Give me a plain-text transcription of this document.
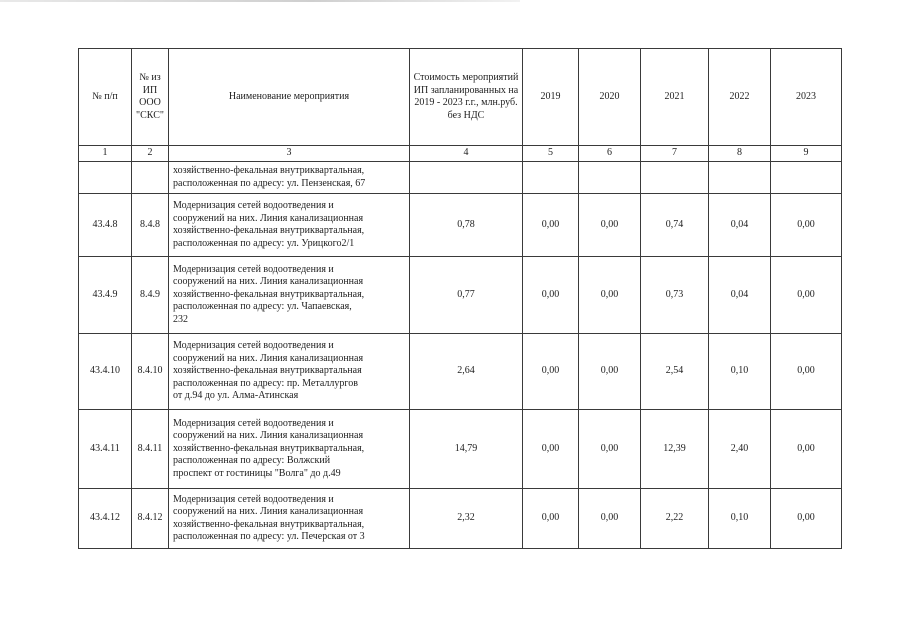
№ п/п	№ из ИП ООО "СКС"	Наименование мероприятия	Стоимость мероприятий ИП запланированных на 2019 - 2023 г.г., млн.руб. без НДС	2019	2020	2021	2022	2023
1	2	3	4	5	6	7	8	9

		хозяйственно-фекальная внутриквартальная,
расположенная по адресу: ул. Пензенская, 67						

43.4.8	8.4.8	Модернизация сетей водоотведения и
сооружений на них. Линия канализационная
хозяйственно-фекальная внутриквартальная,
расположенная по адресу: ул. Урицкого2/1	0,78	0,00	0,00	0,74	0,04	0,00
43.4.9	8.4.9	Модернизация сетей водоотведения и
сооружений на них. Линия канализационная
хозяйственно-фекальная внутриквартальная,
расположенная по адресу: ул. Чапаевская,
232	0,77	0,00	0,00	0,73	0,04	0,00
43.4.10	8.4.10	Модернизация сетей водоотведения и
сооружений на них. Линия канализационная
хозяйственно-фекальная внутриквартальная
расположенная по адресу: пр. Металлургов
от д.94 до ул. Алма-Атинская	2,64	0,00	0,00	2,54	0,10	0,00
43.4.11	8.4.11	Модернизация сетей водоотведения и
сооружений на них. Линия канализационная
хозяйственно-фекальная внутриквартальная,
расположенная по адресу: Волжский
проспект от гостиницы "Волга" до д.49	14,79	0,00	0,00	12,39	2,40	0,00
43.4.12	8.4.12	Модернизация сетей водоотведения и
сооружений на них. Линия канализационная
хозяйственно-фекальная внутриквартальная,
расположенная по адресу: ул. Печерская от 3	2,32	0,00	0,00	2,22	0,10	0,00
